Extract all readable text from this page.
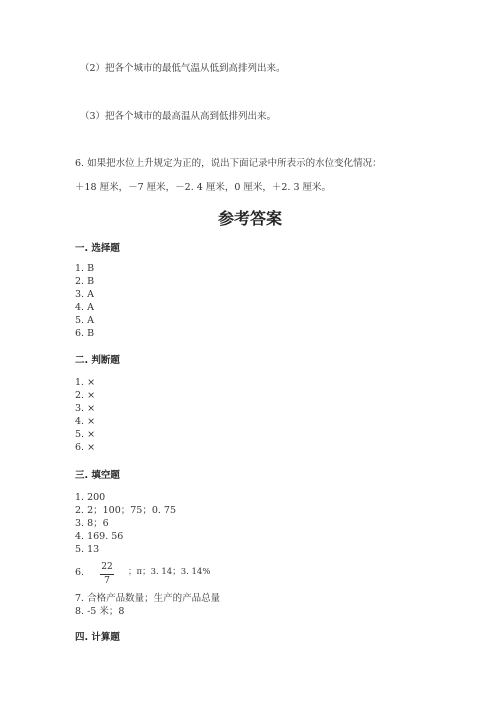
（2）把各个城市的最低气温从低到高排列出来。
（3）把各个城市的最高温从高到低排列出来。
6. 如果把水位上升规定为正的，说出下面记录中所表示的水位变化情况：
＋18 厘米，－7 厘米，－2. 4 厘米，0 厘米，＋2. 3 厘米。
参考答案
一. 选择题
1. B
2. B
3. A
4. A
5. A
6. B
二. 判断题
1. ×
2. ×
3. ×
4. ×
5. ×
6. ×
三. 填空题
1. 200
2. 2；100；75；0. 75
3. 8；6
4. 169. 56
5. 13
6. 22
7
；π；3. 14；3. 14%
7. 合格产品数量；生产的产品总量
8. -5 米；8
四. 计算题
